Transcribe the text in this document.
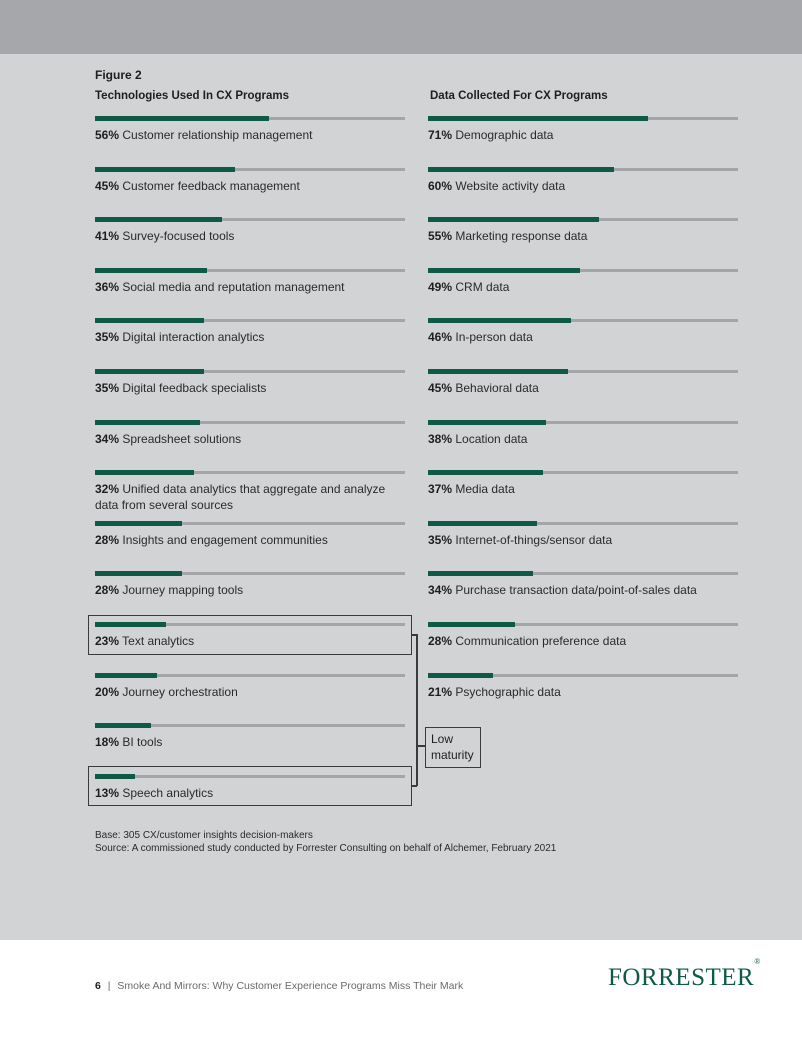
Figure 2
Technologies Used In CX Programs	Data Collected For CX Programs
56% Customer relationship management
45% Customer feedback management
41% Survey-focused tools
36% Social media and reputation management
35% Digital interaction analytics
35% Digital feedback specialists
34% Spreadsheet solutions
32% Unified data analytics that aggregate and analyze data from several sources
28% Insights and engagement communities
28% Journey mapping tools
23% Text analytics
20% Journey orchestration
18% BI tools
13% Speech analytics
71% Demographic data
60% Website activity data
55% Marketing response data
49% CRM data
46% In-person data
45% Behavioral data
38% Location data
37% Media data
35% Internet-of-things/sensor data
34% Purchase transaction data/point-of-sales data
28% Communication preference data
21% Psychographic data
Low
maturity
Base: 305 CX/customer insights decision-makers
Source: A commissioned study conducted by Forrester Consulting on behalf of Alchemer, February 2021
6 | Smoke And Mirrors: Why Customer Experience Programs Miss Their Mark	FORRESTER®
